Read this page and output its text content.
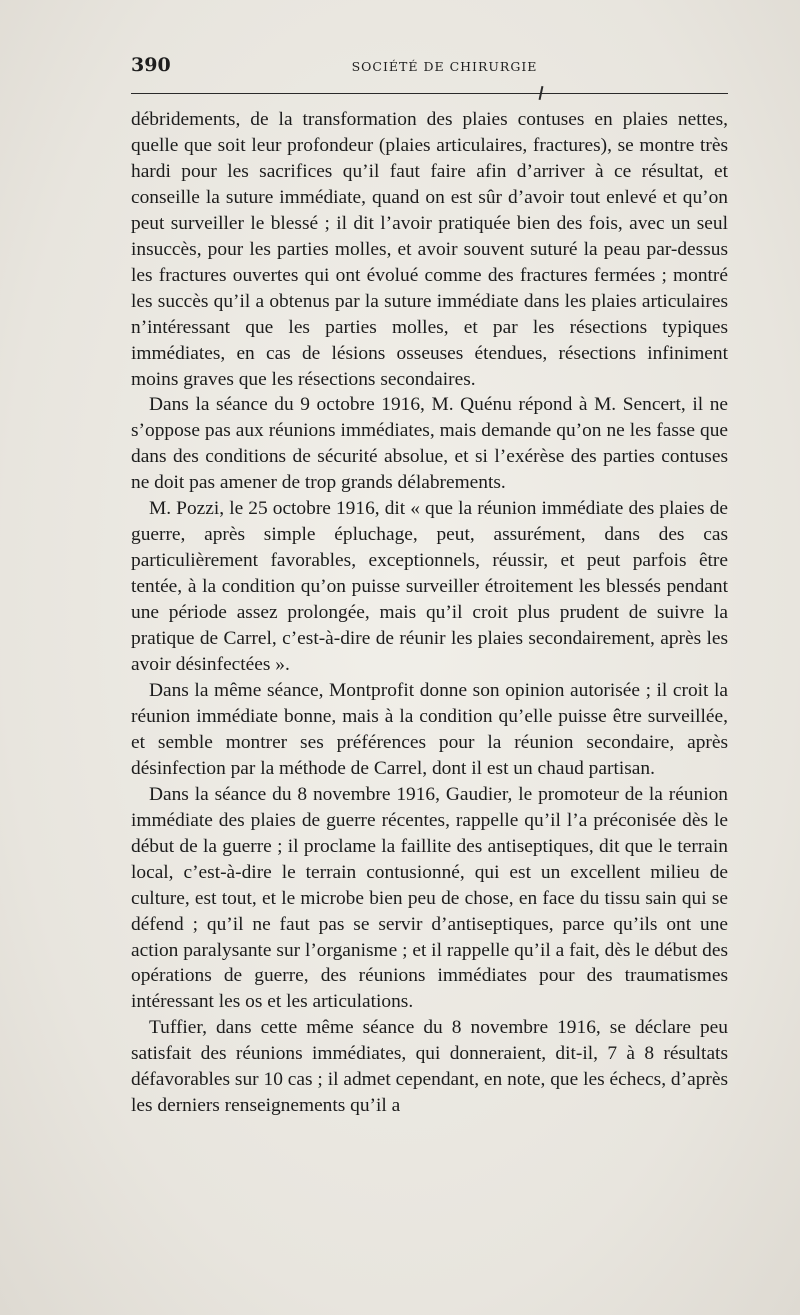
390	SOCIÉTÉ DE CHIRURGIE

débridements, de la transformation des plaies contuses en plaies nettes, quelle que soit leur profondeur (plaies articulaires, fractures), se montre très hardi pour les sacrifices qu’il faut faire afin d’arriver à ce résultat, et conseille la suture immédiate, quand on est sûr d’avoir tout enlevé et qu’on peut surveiller le blessé ; il dit l’avoir pratiquée bien des fois, avec un seul insuccès, pour les parties molles, et avoir souvent suturé la peau par-dessus les fractures ouvertes qui ont évolué comme des fractures fermées ; montré les succès qu’il a obtenus par la suture immédiate dans les plaies articulaires n’intéressant que les parties molles, et par les résections typiques immédiates, en cas de lésions osseuses étendues, résections infiniment moins graves que les résections secondaires.

Dans la séance du 9 octobre 1916, M. Quénu répond à M. Sencert, il ne s’oppose pas aux réunions immédiates, mais demande qu’on ne les fasse que dans des conditions de sécurité absolue, et si l’exérèse des parties contuses ne doit pas amener de trop grands délabrements.

M. Pozzi, le 25 octobre 1916, dit « que la réunion immédiate des plaies de guerre, après simple épluchage, peut, assurément, dans des cas particulièrement favorables, exceptionnels, réussir, et peut parfois être tentée, à la condition qu’on puisse surveiller étroitement les blessés pendant une période assez prolongée, mais qu’il croit plus prudent de suivre la pratique de Carrel, c’est-à-dire de réunir les plaies secondairement, après les avoir désinfectées ».

Dans la même séance, Montprofit donne son opinion autorisée ; il croit la réunion immédiate bonne, mais à la condition qu’elle puisse être surveillée, et semble montrer ses préférences pour la réunion secondaire, après désinfection par la méthode de Carrel, dont il est un chaud partisan.

Dans la séance du 8 novembre 1916, Gaudier, le promoteur de la réunion immédiate des plaies de guerre récentes, rappelle qu’il l’a préconisée dès le début de la guerre ; il proclame la faillite des antiseptiques, dit que le terrain local, c’est-à-dire le terrain contusionné, qui est un excellent milieu de culture, est tout, et le microbe bien peu de chose, en face du tissu sain qui se défend ; qu’il ne faut pas se servir d’antiseptiques, parce qu’ils ont une action paralysante sur l’organisme ; et il rappelle qu’il a fait, dès le début des opérations de guerre, des réunions immédiates pour des traumatismes intéressant les os et les articulations.

Tuffier, dans cette même séance du 8 novembre 1916, se déclare peu satisfait des réunions immédiates, qui donneraient, dit-il, 7 à 8 résultats défavorables sur 10 cas ; il admet cependant, en note, que les échecs, d’après les derniers renseignements qu’il a
